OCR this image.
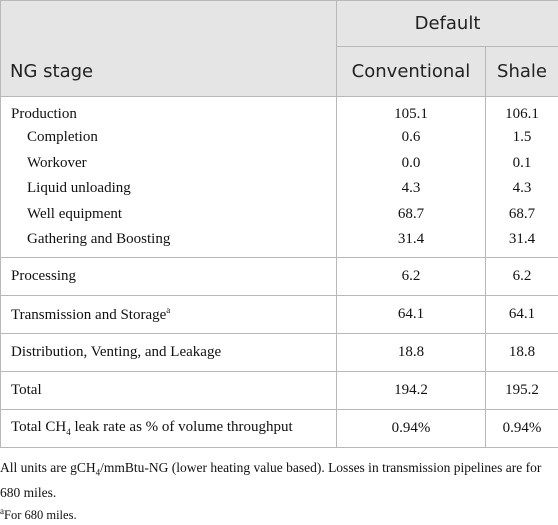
	Default	
NG stage	Conventional	Shale
Production	105.1	106.1
Completion	0.6	1.5
Workover	0.0	0.1
Liquid unloading	4.3	4.3
Well equipment	68.7	68.7
Gathering and Boosting	31.4	31.4
Processing	6.2	6.2
Transmission and Storage$^a$	64.1	64.1
Distribution, Venting, and Leakage	18.8	18.8
Total	194.2	195.2
Total $CH_4$ leak rate as % of volume throughput	0.94%	0.94%

All units are gCH$_4$/mmBtu-NG (lower heating value based). Losses in transmission pipelines are for 680 miles.

$^a$For 680 miles.
